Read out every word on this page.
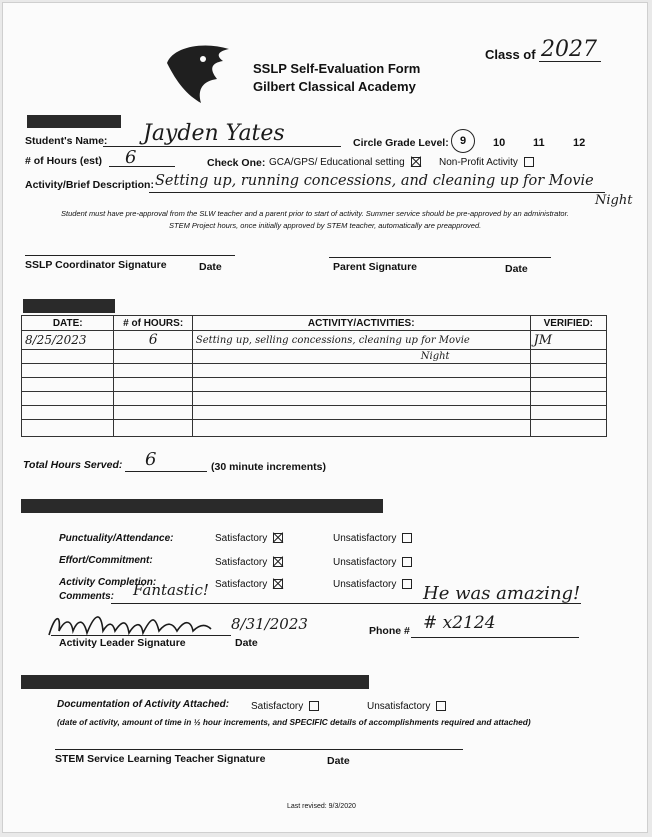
SSLP Self-Evaluation Form
Gilbert Classical Academy
Class of 2027
Student's Name: Jayden Yates	Circle Grade Level:	9	10	11	12
# of Hours (est) 6	Check One: GCA/GPS/ Educational setting	Non-Profit Activity
Activity/Brief Description: Setting up, running concessions, and cleaning up for Movie
Night
Student must have pre-approval from the SLW teacher and a parent prior to start of activity. Summer service should be pre-approved by an administrator.
STEM Project hours, once initially approved by STEM teacher, automatically are preapproved.
SSLP Coordinator Signature	Date	Parent Signature	Date
DATE:	# of HOURS:	ACTIVITY/ACTIVITIES:	VERIFIED:
8/25/2023	6	Setting up, selling concessions, cleaning up for Movie	JM
		Night	

Total Hours Served: 6	(30 minute increments)
Punctuality/Attendance:	Satisfactory	Unsatisfactory
Effort/Commitment:	Satisfactory	Unsatisfactory
Activity Completion:	Satisfactory	Unsatisfactory
Comments: Fantastic!	He was amazing!
Activity Leader Signature
8/31/2023
Date
Phone # # x2124
Documentation of Activity Attached: Satisfactory	Unsatisfactory
(date of activity, amount of time in ½ hour increments, and SPECIFIC details of accomplishments required and attached)
STEM Service Learning Teacher Signature	Date
Last revised: 9/3/2020
